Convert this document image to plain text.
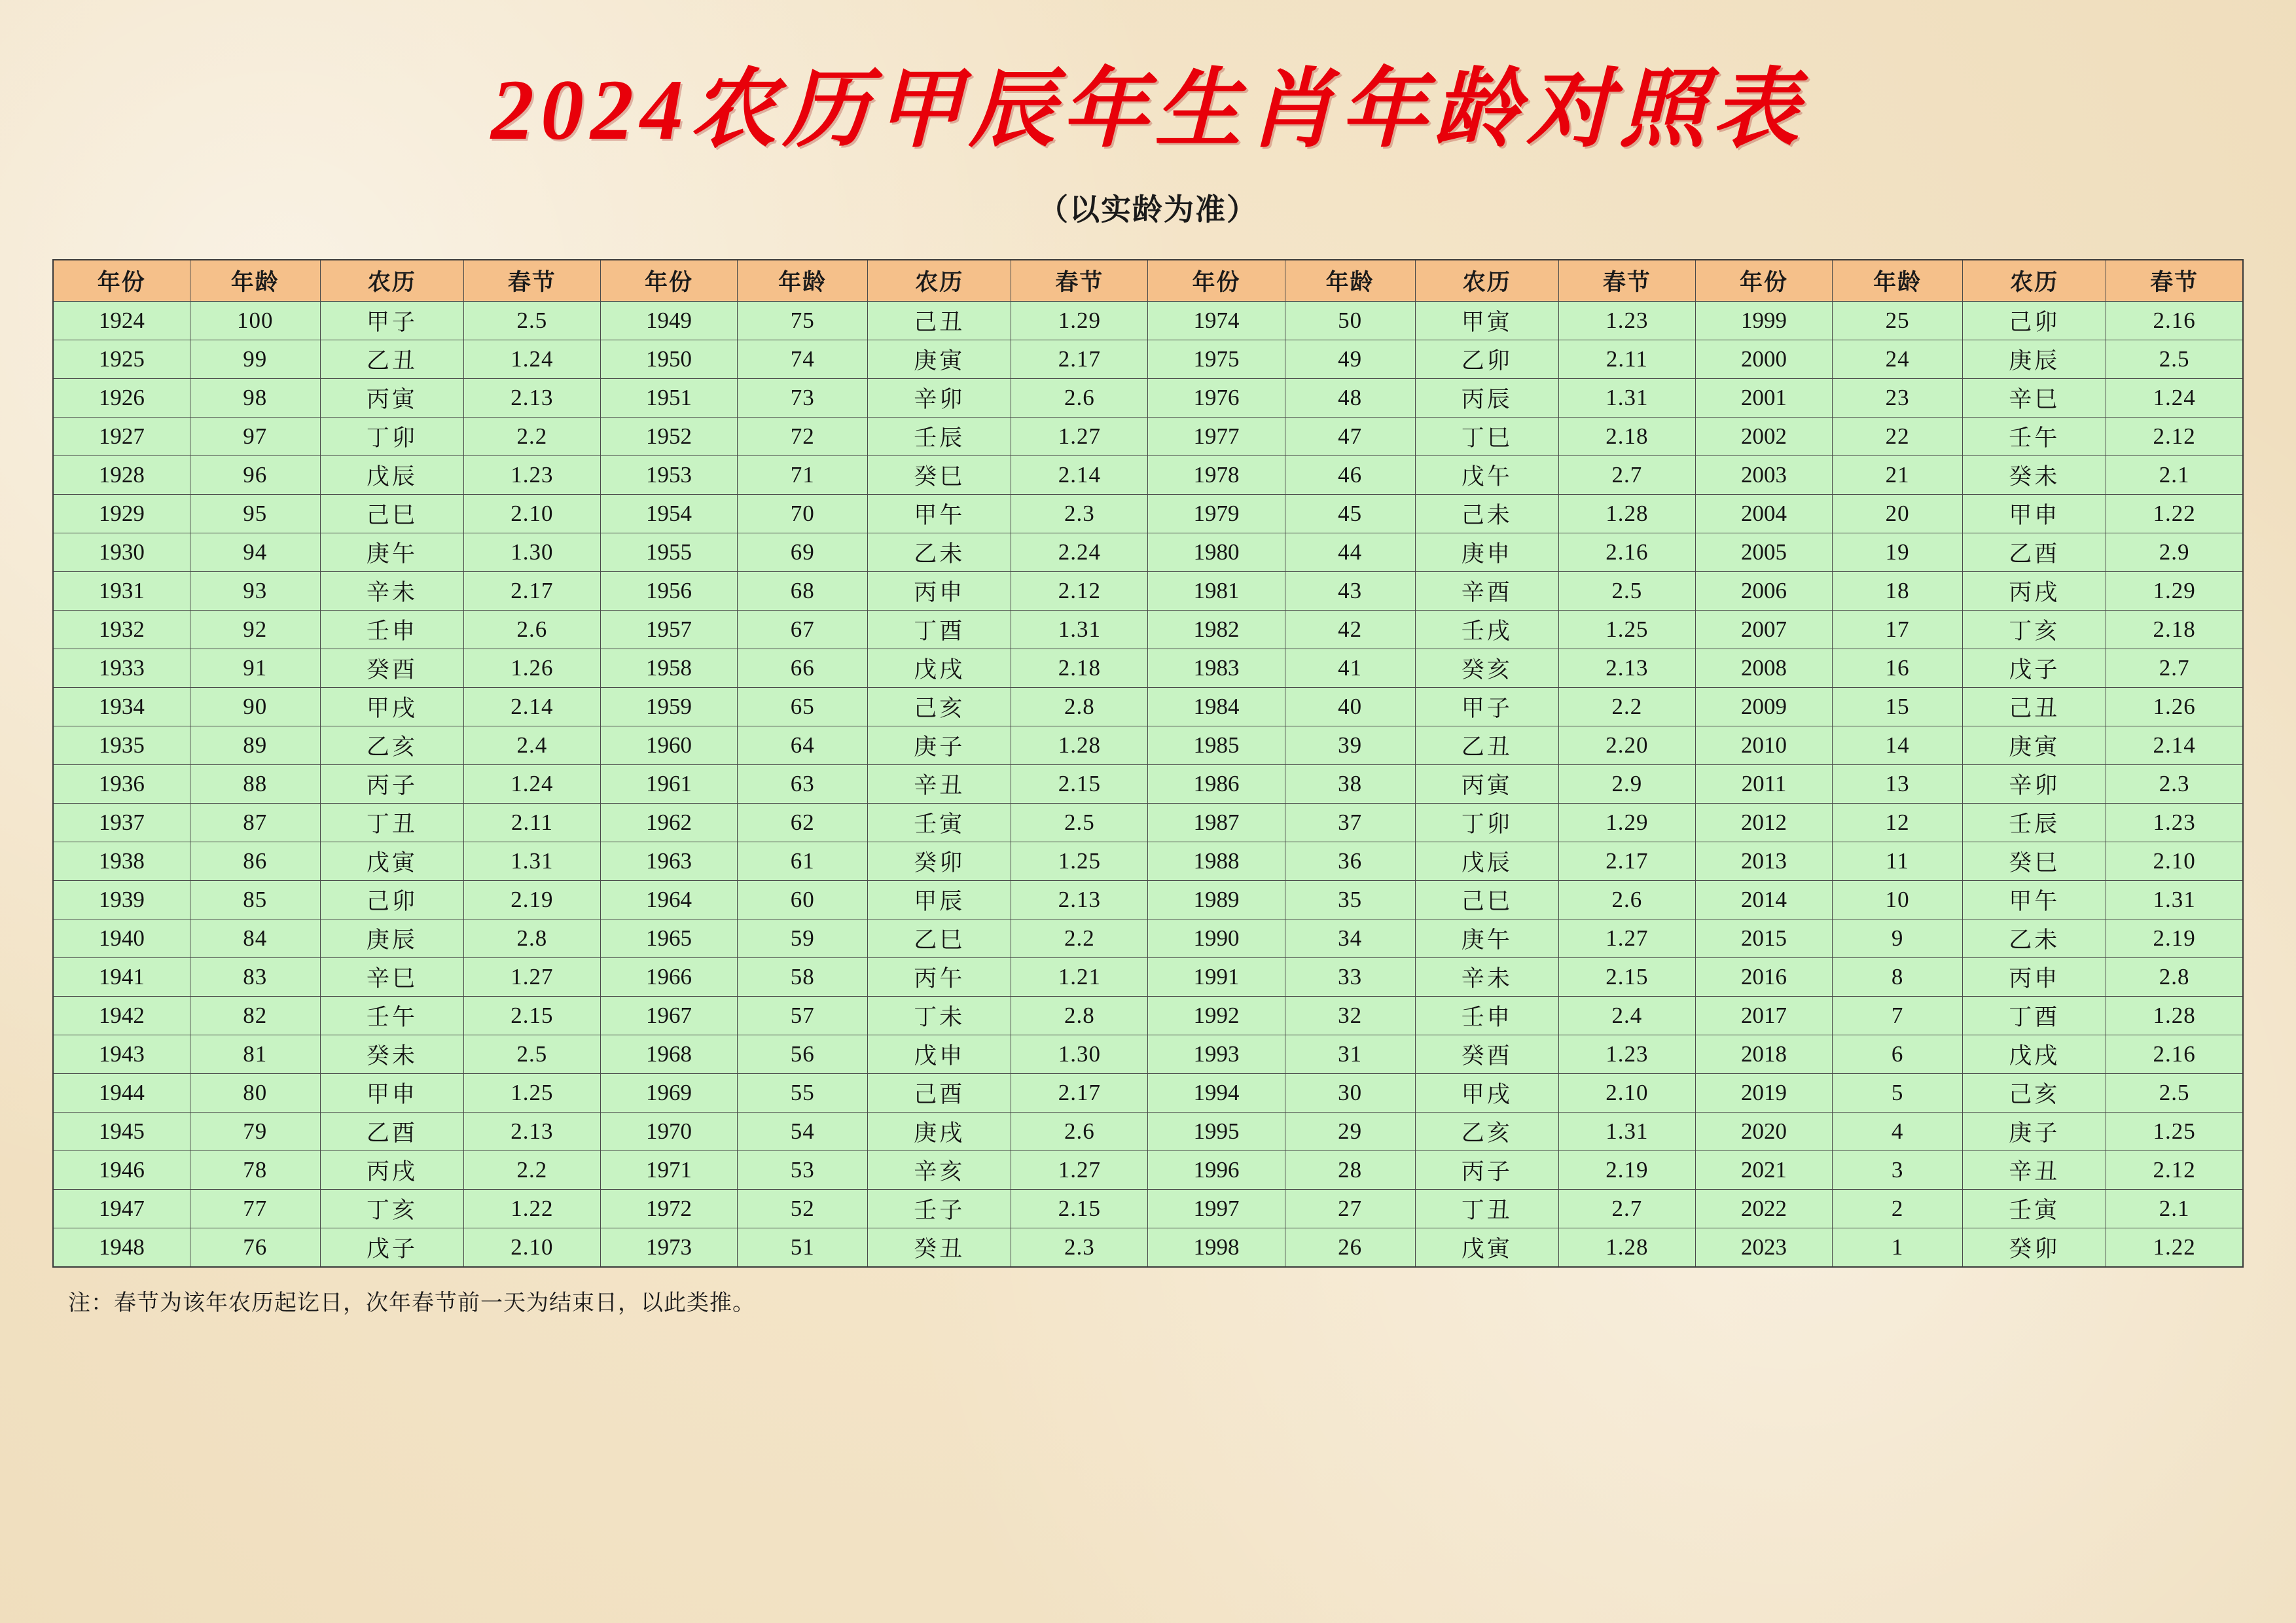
2024农历甲辰年生肖年龄对照表
（以实龄为准）
年份	年龄	农历	春节	年份	年龄	农历	春节	年份	年龄	农历	春节	年份	年龄	农历	春节
1924	100	甲子	2.5	1949	75	己丑	1.29	1974	50	甲寅	1.23	1999	25	己卯	2.16
1925	99	乙丑	1.24	1950	74	庚寅	2.17	1975	49	乙卯	2.11	2000	24	庚辰	2.5
1926	98	丙寅	2.13	1951	73	辛卯	2.6	1976	48	丙辰	1.31	2001	23	辛巳	1.24
1927	97	丁卯	2.2	1952	72	壬辰	1.27	1977	47	丁巳	2.18	2002	22	壬午	2.12
1928	96	戊辰	1.23	1953	71	癸巳	2.14	1978	46	戊午	2.7	2003	21	癸未	2.1
1929	95	己巳	2.10	1954	70	甲午	2.3	1979	45	己未	1.28	2004	20	甲申	1.22
1930	94	庚午	1.30	1955	69	乙未	2.24	1980	44	庚申	2.16	2005	19	乙酉	2.9
1931	93	辛未	2.17	1956	68	丙申	2.12	1981	43	辛酉	2.5	2006	18	丙戌	1.29
1932	92	壬申	2.6	1957	67	丁酉	1.31	1982	42	壬戌	1.25	2007	17	丁亥	2.18
1933	91	癸酉	1.26	1958	66	戊戌	2.18	1983	41	癸亥	2.13	2008	16	戊子	2.7
1934	90	甲戌	2.14	1959	65	己亥	2.8	1984	40	甲子	2.2	2009	15	己丑	1.26
1935	89	乙亥	2.4	1960	64	庚子	1.28	1985	39	乙丑	2.20	2010	14	庚寅	2.14
1936	88	丙子	1.24	1961	63	辛丑	2.15	1986	38	丙寅	2.9	2011	13	辛卯	2.3
1937	87	丁丑	2.11	1962	62	壬寅	2.5	1987	37	丁卯	1.29	2012	12	壬辰	1.23
1938	86	戊寅	1.31	1963	61	癸卯	1.25	1988	36	戊辰	2.17	2013	11	癸巳	2.10
1939	85	己卯	2.19	1964	60	甲辰	2.13	1989	35	己巳	2.6	2014	10	甲午	1.31
1940	84	庚辰	2.8	1965	59	乙巳	2.2	1990	34	庚午	1.27	2015	9	乙未	2.19
1941	83	辛巳	1.27	1966	58	丙午	1.21	1991	33	辛未	2.15	2016	8	丙申	2.8
1942	82	壬午	2.15	1967	57	丁未	2.8	1992	32	壬申	2.4	2017	7	丁酉	1.28
1943	81	癸未	2.5	1968	56	戊申	1.30	1993	31	癸酉	1.23	2018	6	戊戌	2.16
1944	80	甲申	1.25	1969	55	己酉	2.17	1994	30	甲戌	2.10	2019	5	己亥	2.5
1945	79	乙酉	2.13	1970	54	庚戌	2.6	1995	29	乙亥	1.31	2020	4	庚子	1.25
1946	78	丙戌	2.2	1971	53	辛亥	1.27	1996	28	丙子	2.19	2021	3	辛丑	2.12
1947	77	丁亥	1.22	1972	52	壬子	2.15	1997	27	丁丑	2.7	2022	2	壬寅	2.1
1948	76	戊子	2.10	1973	51	癸丑	2.3	1998	26	戊寅	1.28	2023	1	癸卯	1.22
注：春节为该年农历起讫日，次年春节前一天为结束日，以此类推。
